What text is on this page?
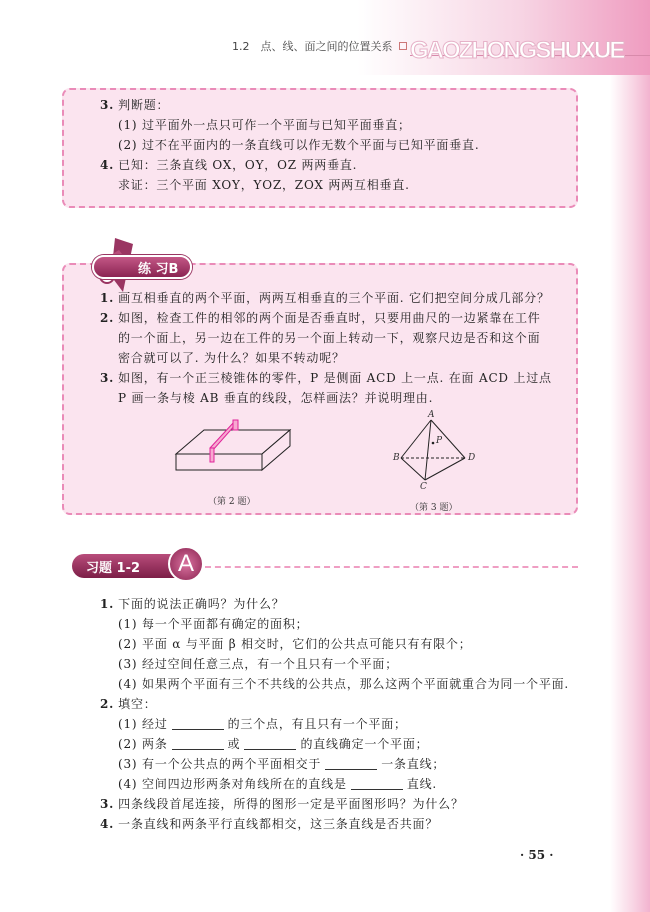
1.2　点、线、面之间的位置关系 GAOZHONGSHUXUE
3. 判断题：
(1) 过平面外一点只可作一个平面与已知平面垂直；
(2) 过不在平面内的一条直线可以作无数个平面与已知平面垂直.
4. 已知：三条直线 OX，OY，OZ 两两垂直.
求证：三个平面 XOY，YOZ，ZOX 两两互相垂直.
练 习B
1. 画互相垂直的两个平面，两两互相垂直的三个平面. 它们把空间分成几部分？
2. 如图，检查工件的相邻的两个面是否垂直时，只要用曲尺的一边紧靠在工件
的一个面上，另一边在工件的另一个面上转动一下，观察尺边是否和这个面
密合就可以了. 为什么？如果不转动呢？
3. 如图，有一个正三棱锥体的零件，P 是侧面 ACD 上一点. 在面 ACD 上过点
P 画一条与棱 AB 垂直的线段，怎样画法？并说明理由.
（第 2 题）
A
P
B	D
C
（第 3 题）
习题 1-2	A
1. 下面的说法正确吗？为什么？
(1) 每一个平面都有确定的面积；
(2) 平面 α 与平面 β 相交时，它们的公共点可能只有有限个；
(3) 经过空间任意三点，有一个且只有一个平面；
(4) 如果两个平面有三个不共线的公共点，那么这两个平面就重合为同一个平面.
2. 填空：
(1) 经过	的三个点，有且只有一个平面；
(2) 两条	或	的直线确定一个平面；
(3) 有一个公共点的两个平面相交于	一条直线；
(4) 空间四边形两条对角线所在的直线是	直线.
3. 四条线段首尾连接，所得的图形一定是平面图形吗？为什么？
4. 一条直线和两条平行直线都相交，这三条直线是否共面？
· 55 ·
